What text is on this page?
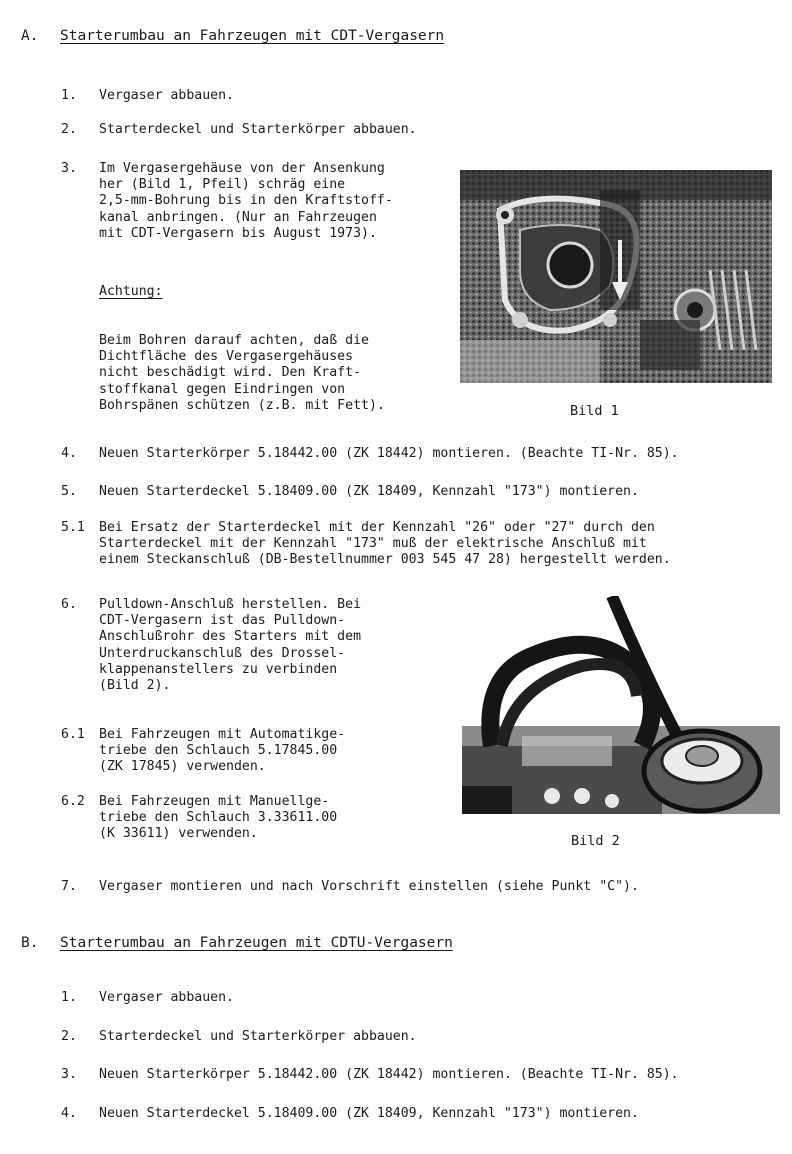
A. Starterumbau an Fahrzeugen mit CDT-Vergasern
1. Vergaser abbauen.
2. Starterdeckel und Starterkörper abbauen.
3. Im Vergasergehäuse von der Ansenkung
her (Bild 1, Pfeil) schräg eine
2,5-mm-Bohrung bis in den Kraftstoff-
kanal anbringen. (Nur an Fahrzeugen
mit CDT-Vergasern bis August 1973).
Achtung:
Beim Bohren darauf achten, daß die
Dichtfläche des Vergasergehäuses
nicht beschädigt wird. Den Kraft-
stoffkanal gegen Eindringen von
Bohrspänen schützen (z.B. mit Fett).	Bild 1
4. Neuen Starterkörper 5.18442.00 (ZK 18442) montieren. (Beachte TI-Nr. 85).
5. Neuen Starterdeckel 5.18409.00 (ZK 18409, Kennzahl "173") montieren.
5.1 Bei Ersatz der Starterdeckel mit der Kennzahl "26" oder "27" durch den
Starterdeckel mit der Kennzahl "173" muß der elektrische Anschluß mit
einem Steckanschluß (DB-Bestellnummer 003 545 47 28) hergestellt werden.
6. Pulldown-Anschluß herstellen. Bei
CDT-Vergasern ist das Pulldown-
Anschlußrohr des Starters mit dem
Unterdruckanschluß des Drossel-
klappenanstellers zu verbinden
(Bild 2).
6.1 Bei Fahrzeugen mit Automatikge-
triebe den Schlauch 5.17845.00
(ZK 17845) verwenden.
6.2 Bei Fahrzeugen mit Manuellge-
triebe den Schlauch 3.33611.00
(K 33611) verwenden.	Bild 2
7. Vergaser montieren und nach Vorschrift einstellen (siehe Punkt "C").
B. Starterumbau an Fahrzeugen mit CDTU-Vergasern
1. Vergaser abbauen.
2. Starterdeckel und Starterkörper abbauen.
3. Neuen Starterkörper 5.18442.00 (ZK 18442) montieren. (Beachte TI-Nr. 85).
4. Neuen Starterdeckel 5.18409.00 (ZK 18409, Kennzahl "173") montieren.
